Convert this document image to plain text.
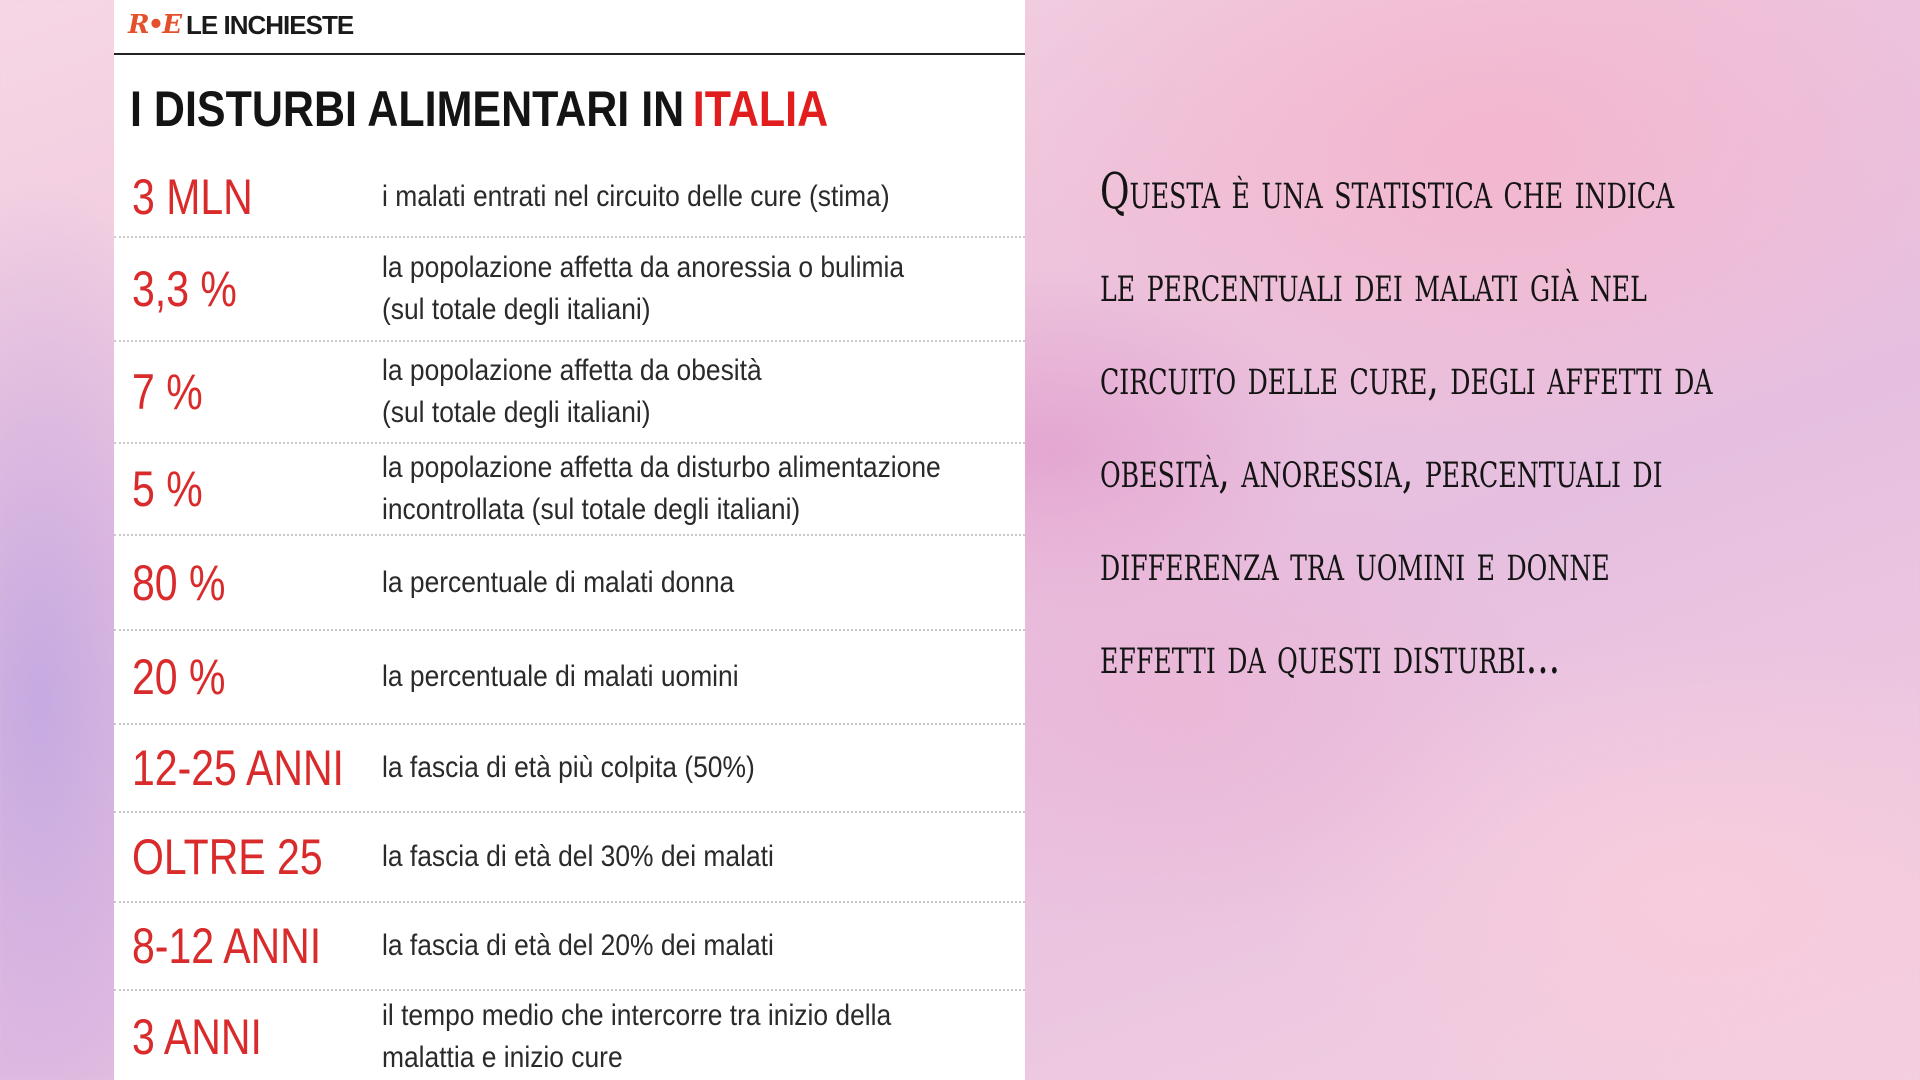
R•E LE INCHIESTE
I DISTURBI ALIMENTARI IN ITALIA
3 MLN	i malati entrati nel circuito delle cure (stima)
3,3 %	la popolazione affetta da anoressia o bulimia
(sul totale degli italiani)
7 %	la popolazione affetta da obesità
(sul totale degli italiani)
5 %	la popolazione affetta da disturbo alimentazione
incontrollata (sul totale degli italiani)
80 %	la percentuale di malati donna
20 %	la percentuale di malati uomini
12-25 ANNI la fascia di età più colpita (50%)
OLTRE 25 la fascia di età del 30% dei malati
8-12 ANNI la fascia di età del 20% dei malati
3 ANNI	il tempo medio che intercorre tra inizio della
malattia e inizio cure
Questa è una statistica che indica le percentuali dei malati già nel circuito delle cure, degli affetti da obesità, anoressia, percentuali di differenza tra uomini e donne effetti da questi disturbi...
